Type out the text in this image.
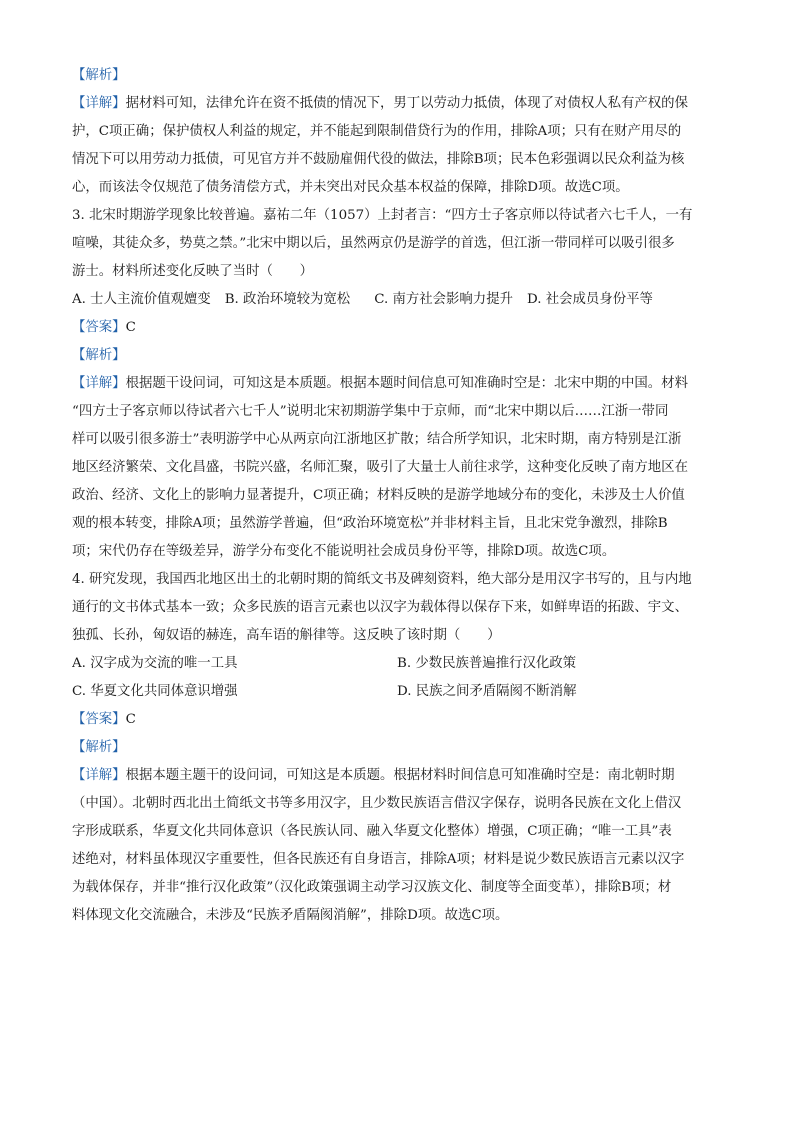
【解析】
【详解】据材料可知，法律允许在资不抵债的情况下，男丁以劳动力抵债，体现了对债权人私有产权的保
护，C项正确；保护债权人利益的规定，并不能起到限制借贷行为的作用，排除A项；只有在财产用尽的
情况下可以用劳动力抵债，可见官方并不鼓励雇佣代役的做法，排除B项；民本色彩强调以民众利益为核
心，而该法令仅规范了债务清偿方式，并未突出对民众基本权益的保障，排除D项。故选C项。
3. 北宋时期游学现象比较普遍。嘉祐二年（1057）上封者言：“四方士子客京师以待试者六七千人，一有
喧噪，其徒众多，势莫之禁。”北宋中期以后，虽然两京仍是游学的首选，但江浙一带同样可以吸引很多
游士。材料所述变化反映了当时（　　）
A. 士人主流价值观嬗变 B. 政治环境较为宽松 C. 南方社会影响力提升 D. 社会成员身份平等
【答案】C
【解析】
【详解】根据题干设问词，可知这是本质题。根据本题时间信息可知准确时空是：北宋中期的中国。材料
“四方士子客京师以待试者六七千人”说明北宋初期游学集中于京师，而“北宋中期以后……江浙一带同
样可以吸引很多游士”表明游学中心从两京向江浙地区扩散；结合所学知识，北宋时期，南方特别是江浙
地区经济繁荣、文化昌盛，书院兴盛，名师汇聚，吸引了大量士人前往求学，这种变化反映了南方地区在
政治、经济、文化上的影响力显著提升，C项正确；材料反映的是游学地域分布的变化，未涉及士人价值
观的根本转变，排除A项；虽然游学普遍，但“政治环境宽松”并非材料主旨，且北宋党争激烈，排除B
项；宋代仍存在等级差异，游学分布变化不能说明社会成员身份平等，排除D项。故选C项。
4. 研究发现，我国西北地区出土的北朝时期的简纸文书及碑刻资料，绝大部分是用汉字书写的，且与内地
通行的文书体式基本一致；众多民族的语言元素也以汉字为载体得以保存下来，如鲜卑语的拓跋、宇文、
独孤、长孙，匈奴语的赫连，高车语的斛律等。这反映了该时期（　　）
A. 汉字成为交流的唯一工具	B. 少数民族普遍推行汉化政策
C. 华夏文化共同体意识增强	D. 民族之间矛盾隔阂不断消解
【答案】C
【解析】
【详解】根据本题主题干的设问词，可知这是本质题。根据材料时间信息可知准确时空是：南北朝时期
（中国）。北朝时西北出土简纸文书等多用汉字，且少数民族语言借汉字保存，说明各民族在文化上借汉
字形成联系，华夏文化共同体意识（各民族认同、融入华夏文化整体）增强，C项正确；“唯一工具”表
述绝对，材料虽体现汉字重要性，但各民族还有自身语言，排除A项；材料是说少数民族语言元素以汉字
为载体保存，并非“推行汉化政策”（汉化政策强调主动学习汉族文化、制度等全面变革），排除B项；材
料体现文化交流融合，未涉及“民族矛盾隔阂消解”，排除D项。故选C项。
